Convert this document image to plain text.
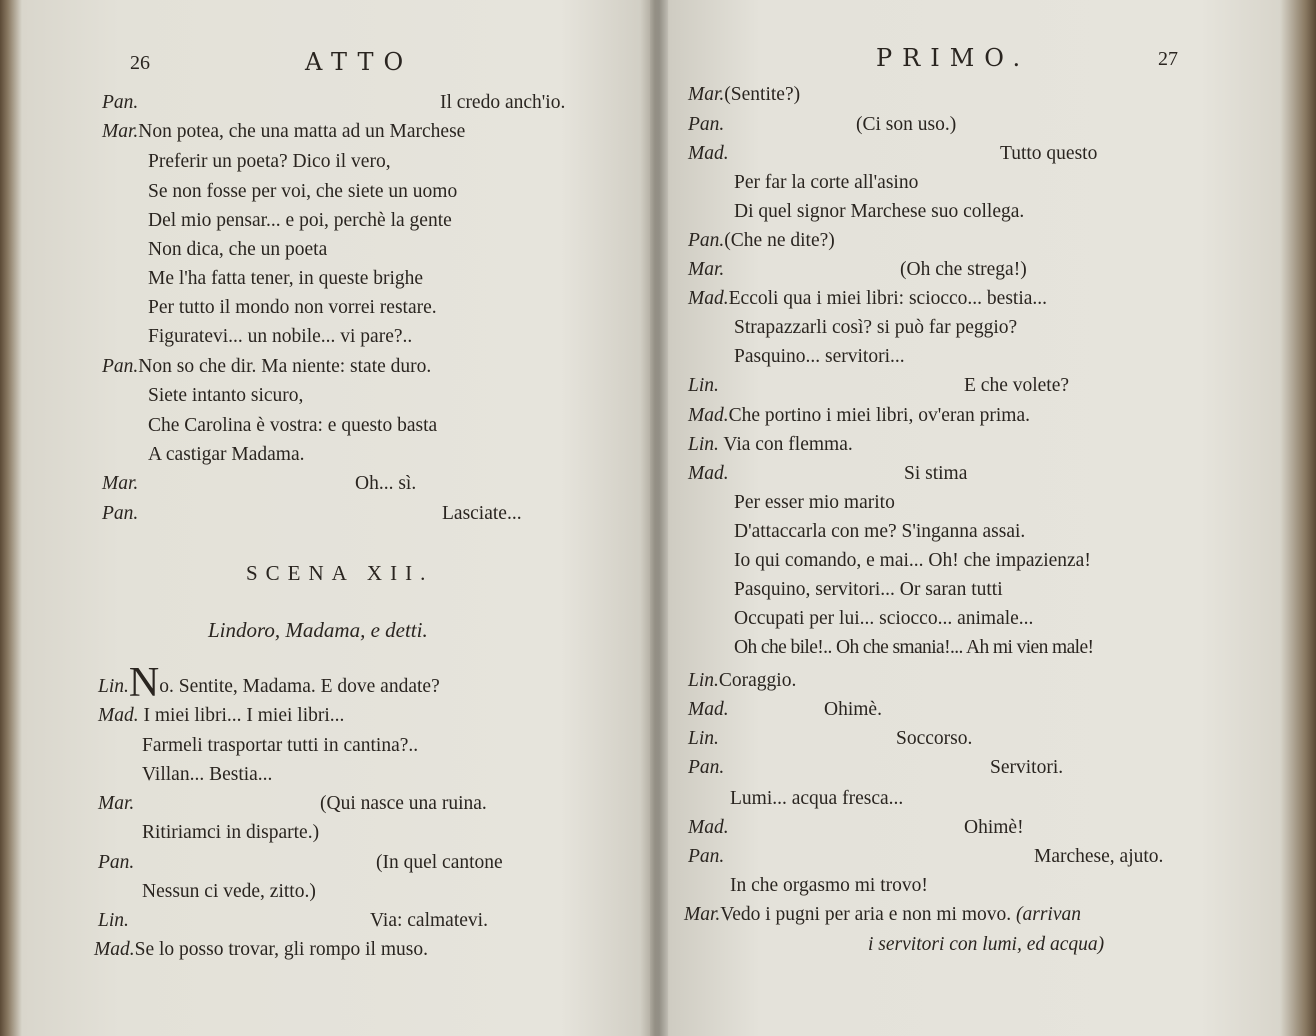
26	ATTO
Pan.	Il credo anch'io.
Mar.Non potea, che una matta ad un Marchese
Preferir un poeta? Dico il vero,
Se non fosse per voi, che siete un uomo
Del mio pensar... e poi, perchè la gente
Non dica, che un poeta
Me l'ha fatta tener, in queste brighe
Per tutto il mondo non vorrei restare.
Figuratevi... un nobile... vi pare?..
Pan.Non so che dir. Ma niente: state duro.
Siete intanto sicuro,
Che Carolina è vostra: e questo basta
A castigar Madama.
Mar.	Oh... sì.
Pan.	Lasciate...
SCENA XII.
Lindoro, Madama, e detti.
Lin.No. Sentite, Madama. E dove andate?
Mad. I miei libri... I miei libri...
Farmeli trasportar tutti in cantina?..
Villan... Bestia...
Mar.	(Qui nasce una ruina.
Ritiriamci in disparte.)
Pan.	(In quel cantone
Nessun ci vede, zitto.)
Lin.	Via: calmatevi.
Mad.Se lo posso trovar, gli rompo il muso.
PRIMO.	27
Mar.(Sentite?)
Pan.	(Ci son uso.)
Mad.	Tutto questo
Per far la corte all'asino
Di quel signor Marchese suo collega.
Pan.(Che ne dite?)
Mar.	(Oh che strega!)
Mad.Eccoli qua i miei libri: sciocco... bestia...
Strapazzarli così? si può far peggio?
Pasquino... servitori...
Lin.	E che volete?
Mad.Che portino i miei libri, ov'eran prima.
Lin. Via con flemma.
Mad.	Si stima
Per esser mio marito
D'attaccarla con me? S'inganna assai.
Io qui comando, e mai... Oh! che impazienza!
Pasquino, servitori... Or saran tutti
Occupati per lui... sciocco... animale...
Oh che bile!.. Oh che smania!... Ah mi vien male!
Lin.Coraggio.
Mad.	Ohimè.
Lin.	Soccorso.
Pan.	Servitori.
Lumi... acqua fresca...
Mad.	Ohimè!
Pan.	Marchese, ajuto.
In che orgasmo mi trovo!
Mar.Vedo i pugni per aria e non mi movo. (arrivan
i servitori con lumi, ed acqua)
